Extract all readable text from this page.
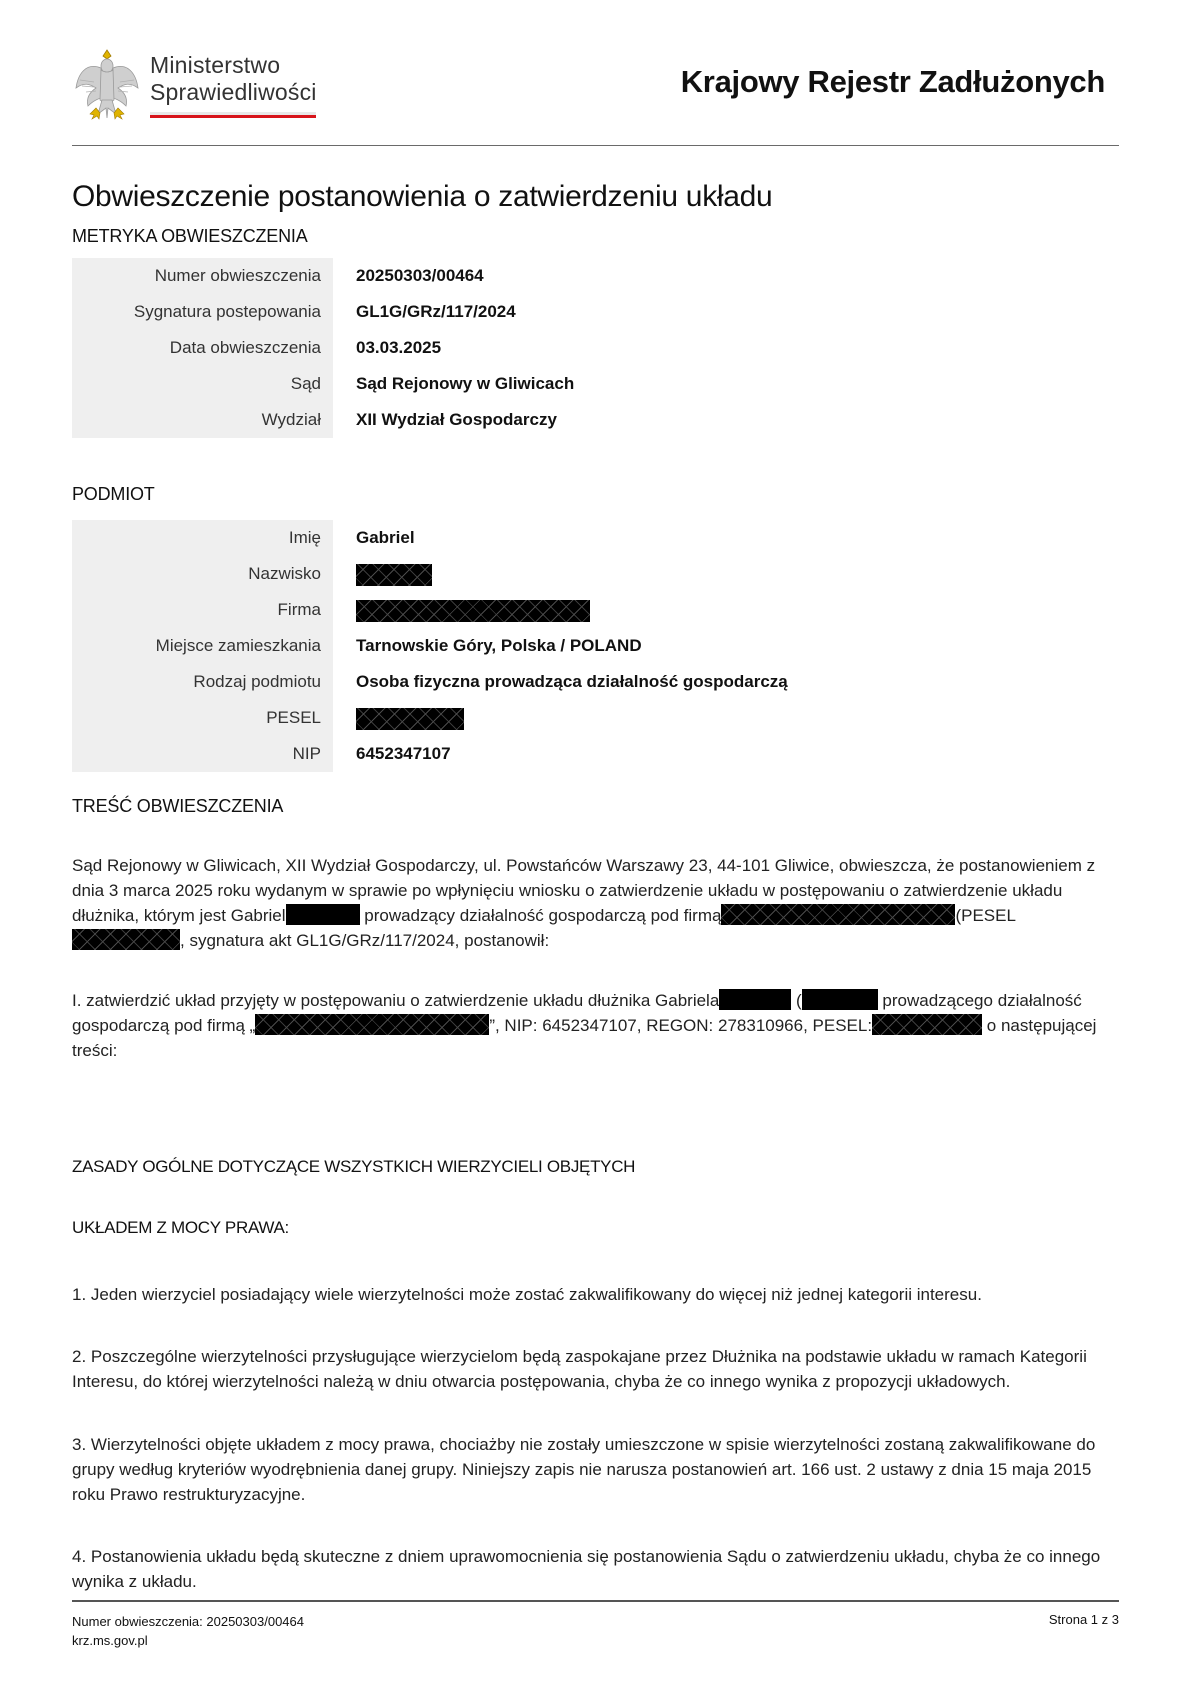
Ministerstwo
Sprawiedliwości	Krajowy Rejestr Zadłużonych
Obwieszczenie postanowienia o zatwierdzeniu układu
METRYKA OBWIESZCZENIA
Numer obwieszczenia	20250303/00464
Sygnatura postepowania	GL1G/GRz/117/2024
Data obwieszczenia	03.03.2025
Sąd	Sąd Rejonowy w Gliwicach
Wydział	XII Wydział Gospodarczy
PODMIOT
Imię	Gabriel
Nazwisko
Firma
Miejsce zamieszkania	Tarnowskie Góry, Polska / POLAND
Rodzaj podmiotu	Osoba fizyczna prowadząca działalność gospodarczą
PESEL
NIP	6452347107
TREŚĆ OBWIESZCZENIA
Sąd Rejonowy w Gliwicach, XII Wydział Gospodarczy, ul. Powstańców Warszawy 23, 44-101 Gliwice, obwieszcza, że postanowieniem z dnia 3 marca 2025 roku wydanym w sprawie po wpłynięciu wniosku o zatwierdzenie układu w postępowaniu o zatwierdzenie układu dłużnika, którym jest Gabriel	prowadzący działalność gospodarczą pod firmą	(PESEL
, sygnatura akt GL1G/GRz/117/2024, postanowił:
I. zatwierdzić układ przyjęty w postępowaniu o zatwierdzenie układu dłużnika Gabriela	(	prowadzącego działalność gospodarczą pod firmą „	”, NIP: 6452347107, REGON: 278310966, PESEL:	o następującej treści:
ZASADY OGÓLNE DOTYCZĄCE WSZYSTKICH WIERZYCIELI OBJĘTYCH
UKŁADEM Z MOCY PRAWA:
1. Jeden wierzyciel posiadający wiele wierzytelności może zostać zakwalifikowany do więcej niż jednej kategorii interesu.
2. Poszczególne wierzytelności przysługujące wierzycielom będą zaspokajane przez Dłużnika na podstawie układu w ramach Kategorii Interesu, do której wierzytelności należą w dniu otwarcia postępowania, chyba że co innego wynika z propozycji układowych.
3. Wierzytelności objęte układem z mocy prawa, chociażby nie zostały umieszczone w spisie wierzytelności zostaną zakwalifikowane do grupy według kryteriów wyodrębnienia danej grupy. Niniejszy zapis nie narusza postanowień art. 166 ust. 2 ustawy z dnia 15 maja 2015 roku Prawo restrukturyzacyjne.
4. Postanowienia układu będą skuteczne z dniem uprawomocnienia się postanowienia Sądu o zatwierdzeniu układu, chyba że co innego wynika z układu.
Numer obwieszczenia: 20250303/00464
krz.ms.gov.pl
Strona 1 z 3
